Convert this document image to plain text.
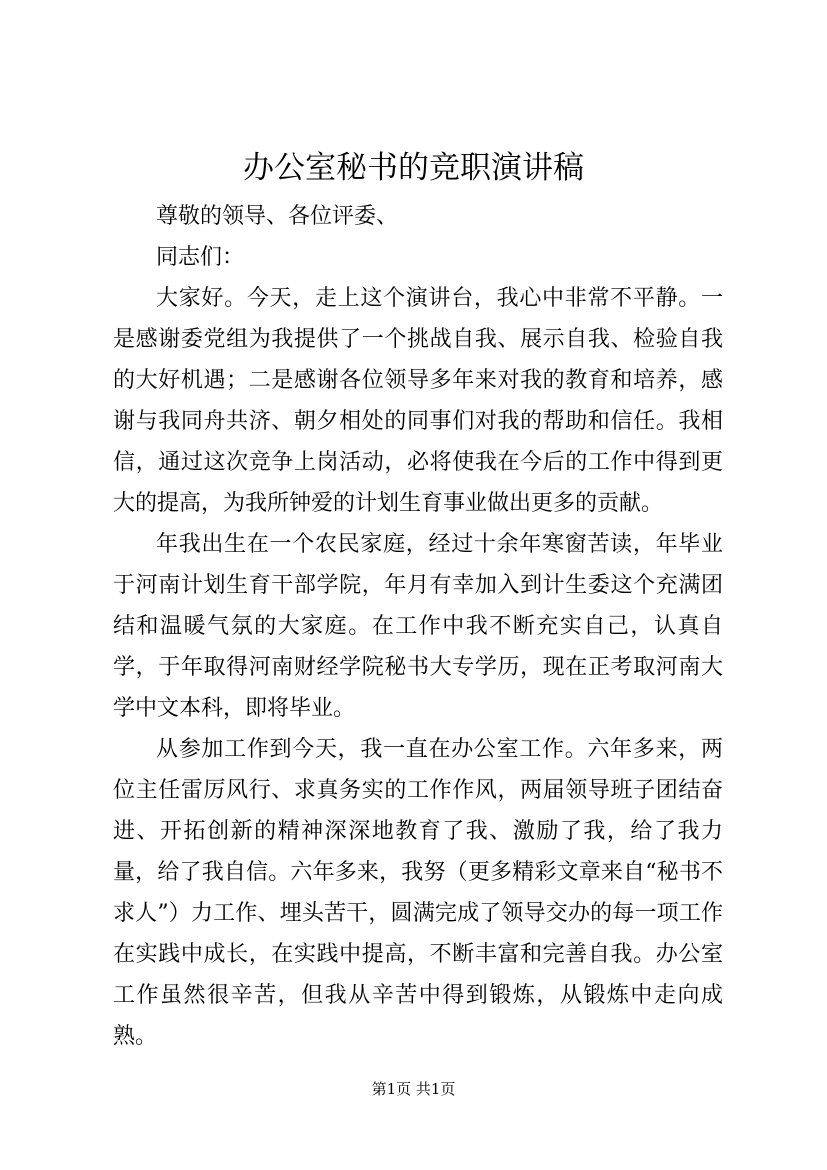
办公室秘书的竞职演讲稿

尊敬的领导、各位评委、

同志们：

大家好。今天，走上这个演讲台，我心中非常不平静。一是感谢委党组为我提供了一个挑战自我、展示自我、检验自我的大好机遇；二是感谢各位领导多年来对我的教育和培养，感谢与我同舟共济、朝夕相处的同事们对我的帮助和信任。我相信，通过这次竞争上岗活动，必将使我在今后的工作中得到更大的提高，为我所钟爱的计划生育事业做出更多的贡献。

年我出生在一个农民家庭，经过十余年寒窗苦读，年毕业于河南计划生育干部学院，年月有幸加入到计生委这个充满团结和温暖气氛的大家庭。在工作中我不断充实自己，认真自学，于年取得河南财经学院秘书大专学历，现在正考取河南大学中文本科，即将毕业。

从参加工作到今天，我一直在办公室工作。六年多来，两位主任雷厉风行、求真务实的工作作风，两届领导班子团结奋进、开拓创新的精神深深地教育了我、激励了我，给了我力量，给了我自信。六年多来，我努（更多精彩文章来自“秘书不求人”）力工作、埋头苦干，圆满完成了领导交办的每一项工作在实践中成长，在实践中提高，不断丰富和完善自我。办公室工作虽然很辛苦，但我从辛苦中得到锻炼，从锻炼中走向成熟。

第1页 共1页
